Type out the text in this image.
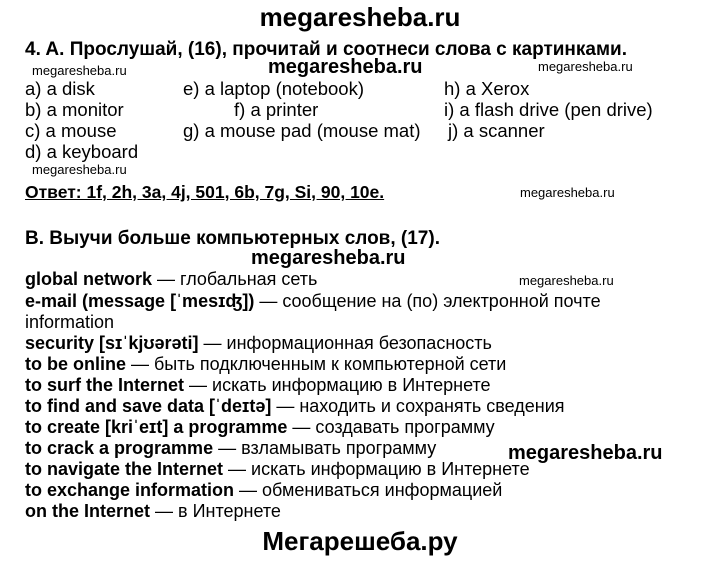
megaresheba.ru
4. A. Прослушай, (16), прочитай и соотнеси слова с картинками.
megaresheba.ru	megaresheba.ru	megaresheba.ru
a) a disk	e) a laptop (notebook)	h) a Xerox
b) a monitor	f) a printer	i) a flash drive (pen drive)
c) a mouse	g) a mouse pad (mouse mat) j) a scanner
d) a keyboard
megaresheba.ru
Ответ: 1f, 2h, 3a, 4j, 501, 6b, 7g, Si, 90, 10e.	megaresheba.ru
B. Выучи больше компьютерных слов, (17).
megaresheba.ru
global network — глобальная сеть	megaresheba.ru
e-mail (message [ˈmesɪʤ]) — сообщение на (по) электронной почте
information
security [sɪˈkjʊərəti] — информационная безопасность
to be online — быть подключенным к компьютерной сети
to surf the Internet — искать информацию в Интернете
to find and save data [ˈdeɪtə] — находить и сохранять сведения
to create [kriˈeɪt] a programme — создавать программу
to crack a programme — взламывать программу	megaresheba.ru
to navigate the Internet — искать информацию в Интернете
to exchange information — обмениваться информацией
on the Internet — в Интернете
Мегарешеба.ру
